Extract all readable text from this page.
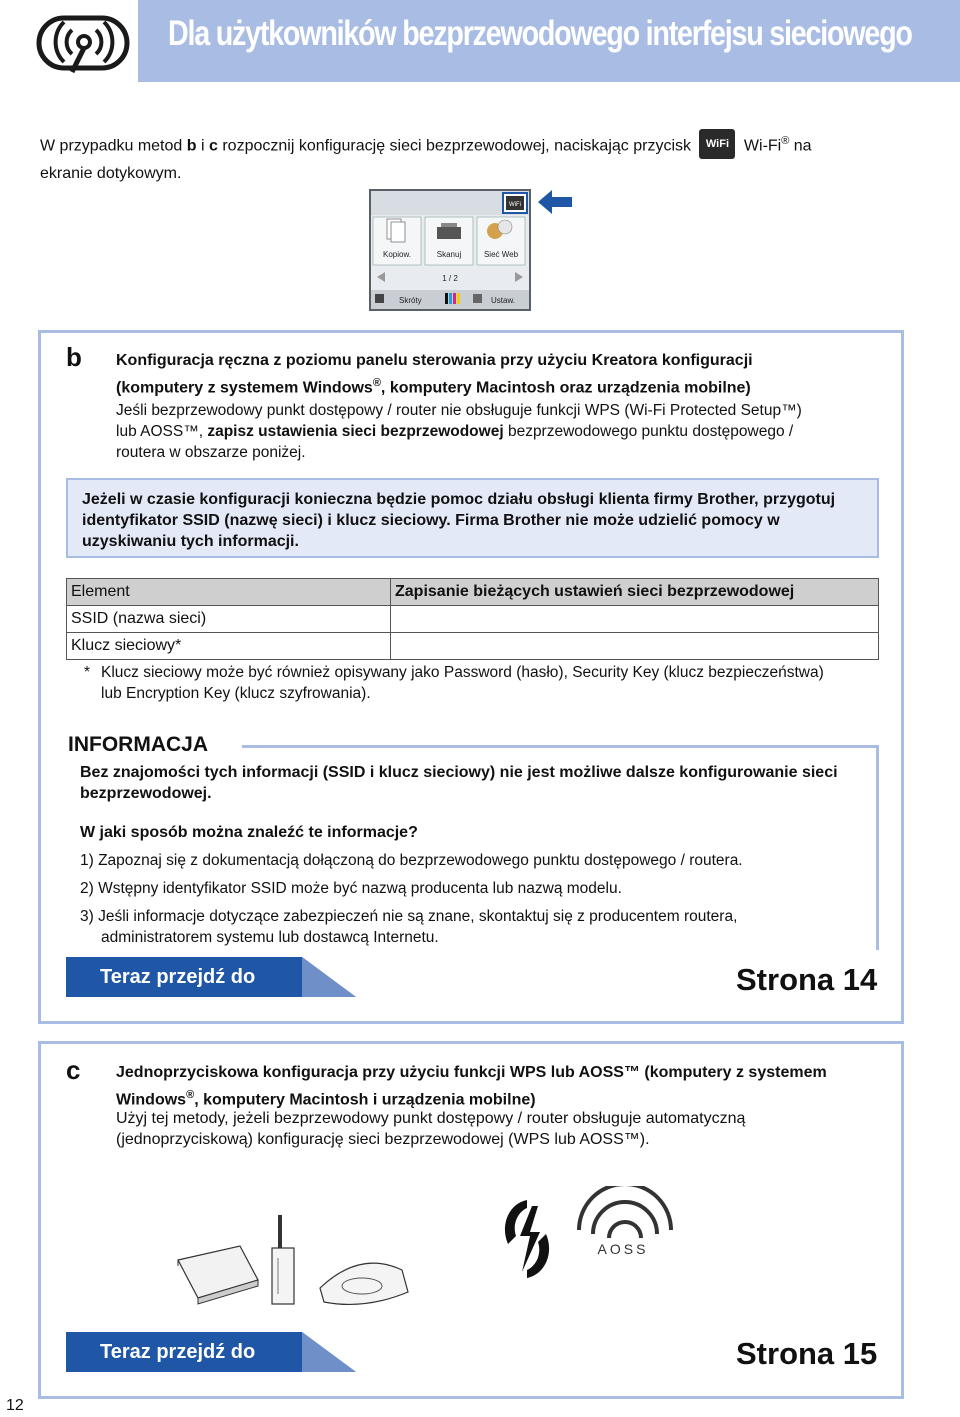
Dla użytkowników bezprzewodowego interfejsu sieciowego
W przypadku metod b i c rozpocznij konfigurację sieci bezprzewodowej, naciskając przycisk WiFi Wi-Fi® na
ekranie dotykowym.
WiFi
Kopiow.	Skanuj	Sieć Web
1 / 2
Skróty	Ustaw.
b Konfiguracja ręczna z poziomu panelu sterowania przy użyciu Kreatora konfiguracji
(komputery z systemem Windows®, komputery Macintosh oraz urządzenia mobilne)
Jeśli bezprzewodowy punkt dostępowy / router nie obsługuje funkcji WPS (Wi-Fi Protected Setup™)
lub AOSS™, zapisz ustawienia sieci bezprzewodowej bezprzewodowego punktu dostępowego /
routera w obszarze poniżej.
Jeżeli w czasie konfiguracji konieczna będzie pomoc działu obsługi klienta firmy Brother, przygotuj identyfikator SSID (nazwę sieci) i klucz sieciowy. Firma Brother nie może udzielić pomocy w uzyskiwaniu tych informacji.
Element	Zapisanie bieżących ustawień sieci bezprzewodowej
SSID (nazwa sieci)	
Klucz sieciowy*	
* Klucz sieciowy może być również opisywany jako Password (hasło), Security Key (klucz bezpieczeństwa) lub Encryption Key (klucz szyfrowania).
INFORMACJA
Bez znajomości tych informacji (SSID i klucz sieciowy) nie jest możliwe dalsze konfigurowanie sieci bezprzewodowej.
W jaki sposób można znaleźć te informacje?
1) Zapoznaj się z dokumentacją dołączoną do bezprzewodowego punktu dostępowego / routera.
2) Wstępny identyfikator SSID może być nazwą producenta lub nazwą modelu.
3) Jeśli informacje dotyczące zabezpieczeń nie są znane, skontaktuj się z producentem routera,
administratorem systemu lub dostawcą Internetu.
Teraz przejdź do	Strona 14
c Jednoprzyciskowa konfiguracja przy użyciu funkcji WPS lub AOSS™ (komputery z systemem
Windows®, komputery Macintosh i urządzenia mobilne)
Użyj tej metody, jeżeli bezprzewodowy punkt dostępowy / router obsługuje automatyczną
(jednoprzyciskową) konfigurację sieci bezprzewodowej (WPS lub AOSS™).
AOSS
Teraz przejdź do	Strona 15
12
